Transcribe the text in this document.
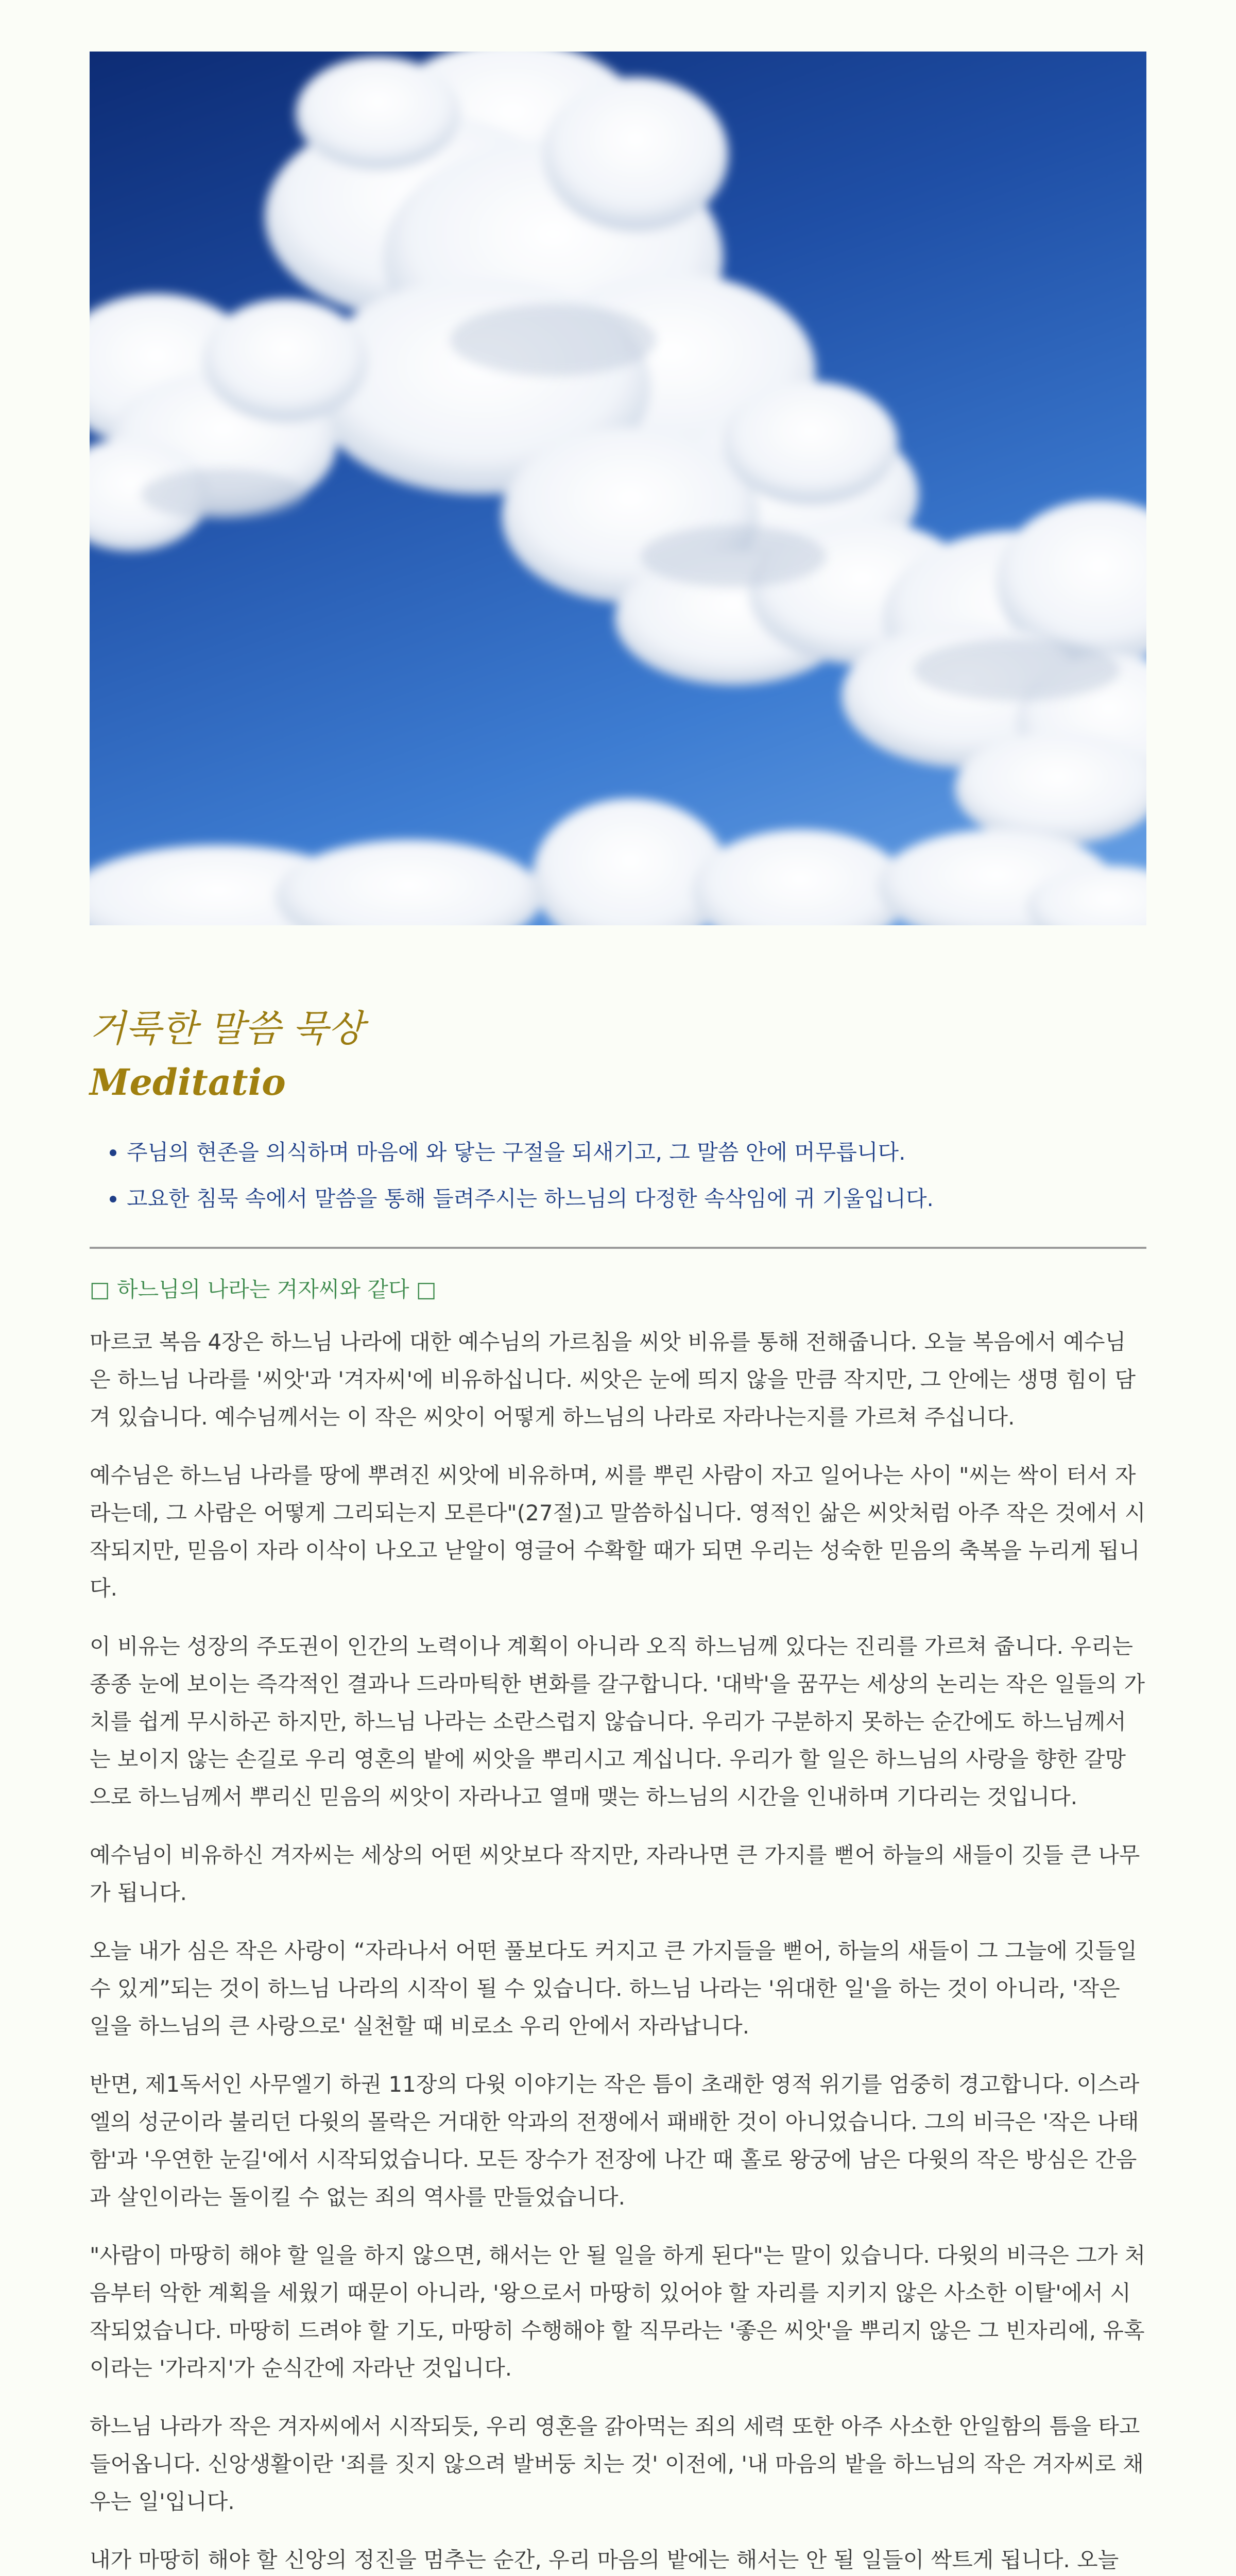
거룩한 말씀 묵상
Meditatio
• 주님의 현존을 의식하며 마음에 와 닿는 구절을 되새기고, 그 말씀 안에 머무릅니다.
• 고요한 침묵 속에서 말씀을 통해 들려주시는 하느님의 다정한 속삭임에 귀 기울입니다.
□ 하느님의 나라는 겨자씨와 같다 □

마르코 복음 4장은 하느님 나라에 대한 예수님의 가르침을 씨앗 비유를 통해 전해줍니다. 오늘 복음에서 예수님은 하느님 나라를 '씨앗'과 '겨자씨'에 비유하십니다. 씨앗은 눈에 띄지 않을 만큼 작지만, 그 안에는 생명 힘이 담겨 있습니다. 예수님께서는 이 작은 씨앗이 어떻게 하느님의 나라로 자라나는지를 가르쳐 주십니다.

예수님은 하느님 나라를 땅에 뿌려진 씨앗에 비유하며, 씨를 뿌린 사람이 자고 일어나는 사이 "씨는 싹이 터서 자라는데, 그 사람은 어떻게 그리되는지 모른다"(27절)고 말씀하십니다. 영적인 삶은 씨앗처럼 아주 작은 것에서 시작되지만, 믿음이 자라 이삭이 나오고 낟알이 영글어 수확할 때가 되면 우리는 성숙한 믿음의 축복을 누리게 됩니다.

이 비유는 성장의 주도권이 인간의 노력이나 계획이 아니라 오직 하느님께 있다는 진리를 가르쳐 줍니다. 우리는 종종 눈에 보이는 즉각적인 결과나 드라마틱한 변화를 갈구합니다. '대박'을 꿈꾸는 세상의 논리는 작은 일들의 가치를 쉽게 무시하곤 하지만, 하느님 나라는 소란스럽지 않습니다. 우리가 구분하지 못하는 순간에도 하느님께서는 보이지 않는 손길로 우리 영혼의 밭에 씨앗을 뿌리시고 계십니다. 우리가 할 일은 하느님의 사랑을 향한 갈망으로 하느님께서 뿌리신 믿음의 씨앗이 자라나고 열매 맺는 하느님의 시간을 인내하며 기다리는 것입니다.

예수님이 비유하신 겨자씨는 세상의 어떤 씨앗보다 작지만, 자라나면 큰 가지를 뻗어 하늘의 새들이 깃들 큰 나무가 됩니다.

오늘 내가 심은 작은 사랑이 “자라나서 어떤 풀보다도 커지고 큰 가지들을 뻗어, 하늘의 새들이 그 그늘에 깃들일 수 있게”되는 것이 하느님 나라의 시작이 될 수 있습니다. 하느님 나라는 '위대한 일'을 하는 것이 아니라, '작은 일을 하느님의 큰 사랑으로' 실천할 때 비로소 우리 안에서 자라납니다.

반면, 제1독서인 사무엘기 하권 11장의 다윗 이야기는 작은 틈이 초래한 영적 위기를 엄중히 경고합니다. 이스라엘의 성군이라 불리던 다윗의 몰락은 거대한 악과의 전쟁에서 패배한 것이 아니었습니다. 그의 비극은 '작은 나태함'과 '우연한 눈길'에서 시작되었습니다. 모든 장수가 전장에 나간 때 홀로 왕궁에 남은 다윗의 작은 방심은 간음과 살인이라는 돌이킬 수 없는 죄의 역사를 만들었습니다.

"사람이 마땅히 해야 할 일을 하지 않으면, 해서는 안 될 일을 하게 된다"는 말이 있습니다. 다윗의 비극은 그가 처음부터 악한 계획을 세웠기 때문이 아니라, '왕으로서 마땅히 있어야 할 자리를 지키지 않은 사소한 이탈'에서 시작되었습니다. 마땅히 드려야 할 기도, 마땅히 수행해야 할 직무라는 '좋은 씨앗'을 뿌리지 않은 그 빈자리에, 유혹이라는 '가라지'가 순식간에 자라난 것입니다.

하느님 나라가 작은 겨자씨에서 시작되듯, 우리 영혼을 갉아먹는 죄의 세력 또한 아주 사소한 안일함의 틈을 타고 들어옵니다. 신앙생활이란 '죄를 짓지 않으려 발버둥 치는 것' 이전에, '내 마음의 밭을 하느님의 작은 겨자씨로 채우는 일'입니다.

내가 마땅히 해야 할 신앙의 정진을 멈추는 순간, 우리 마음의 밭에는 해서는 안 될 일들이 싹트게 됩니다. 오늘
